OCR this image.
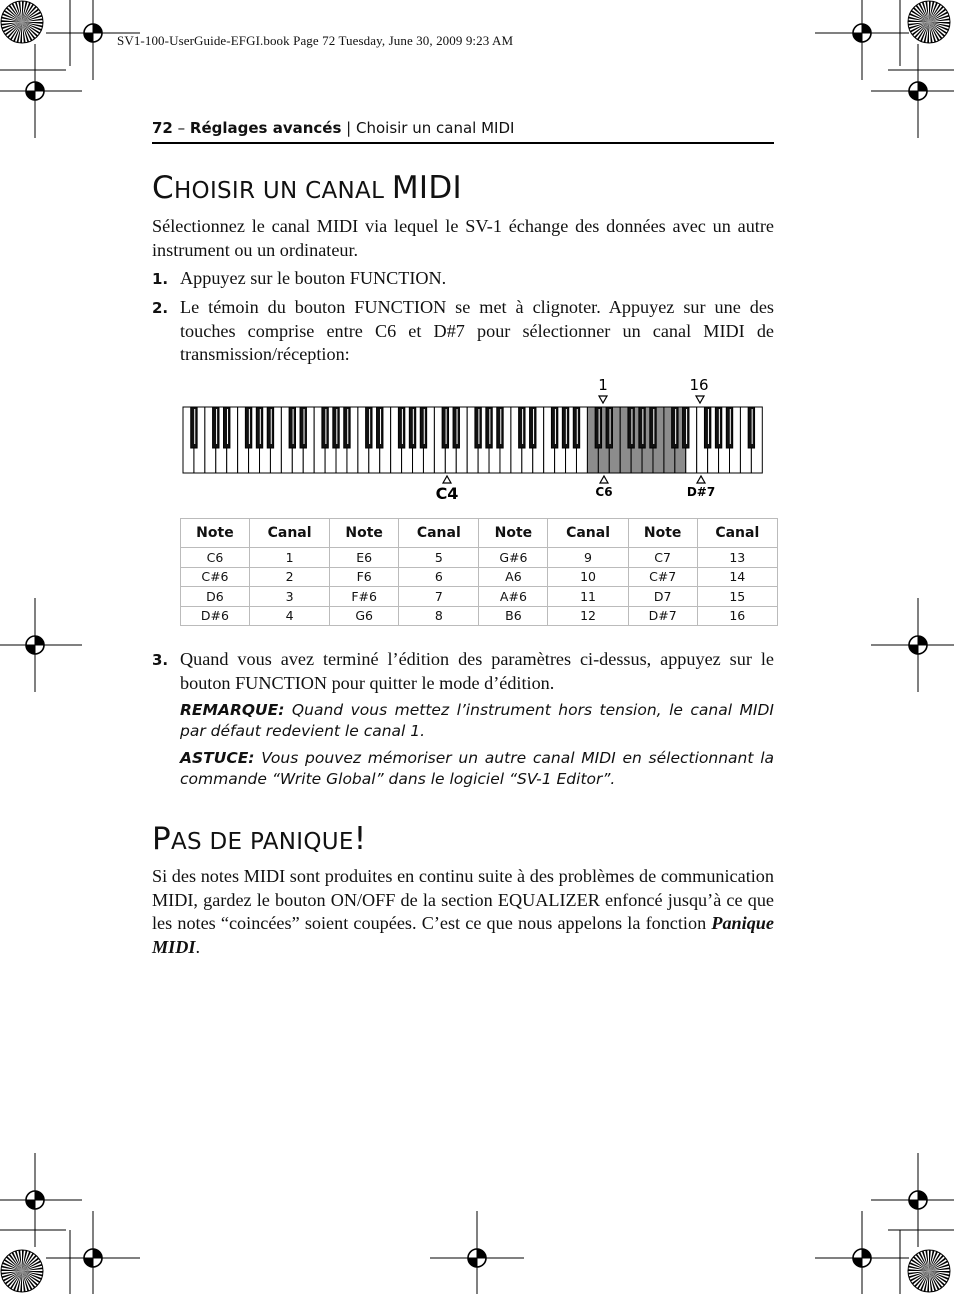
SV1-100-UserGuide-EFGI.book Page 72 Tuesday, June 30, 2009 9:23 AM
72 – Réglages avancés | Choisir un canal MIDI
CHOISIR UN CANAL MIDI

Sélectionnez le canal MIDI via lequel le SV-1 échange des données avec un autre instrument ou un ordinateur.

1. Appuyez sur le bouton FUNCTION.

2. Le témoin du bouton FUNCTION se met à clignoter. Appuyez sur une des touches comprise entre C6 et D#7 pour sélectionner un canal MIDI de transmission/réception:

1	16
C4	C6	D#7
Note	Canal	Note	Canal	Note	Canal	Note	Canal
C6	1	E6	5	G#6	9	C7	13
C#6	2	F6	6	A6	10	C#7	14
D6	3	F#6	7	A#6	11	D7	15
D#6	4	G6	8	B6	12	D#7	16
3. Quand vous avez terminé l’édition des paramètres ci-dessus, appuyez sur le bouton FUNCTION pour quitter le mode d’édition.

REMARQUE: Quand vous mettez l’instrument hors tension, le canal MIDI par défaut redevient le canal 1.

ASTUCE: Vous pouvez mémoriser un autre canal MIDI en sélectionnant la commande “Write Global” dans le logiciel “SV-1 Editor”.

PAS DE PANIQUE!

Si des notes MIDI sont produites en continu suite à des problèmes de communication MIDI, gardez le bouton ON/OFF de la section EQUALIZER enfoncé jusqu’à ce que les notes “coincées” soient coupées. C’est ce que nous appelons la fonction Panique MIDI.
